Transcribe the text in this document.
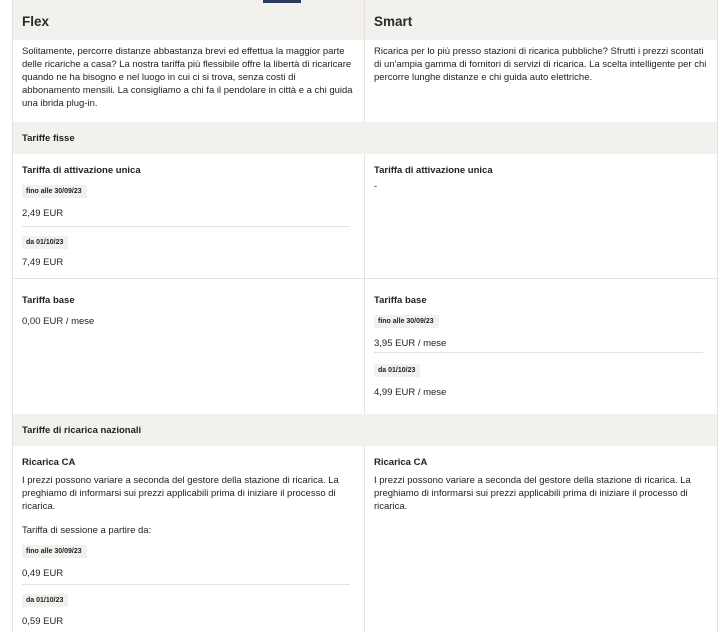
Flex	Smart
Solitamente, percorre distanze abbastanza brevi ed effettua la maggior parte delle ricariche a casa? La nostra tariffa più flessibile offre la libertà di ricaricare quando ne ha bisogno e nel luogo in cui ci si trova, senza costi di abbonamento mensili. La consigliamo a chi fa il pendolare in città e a chi guida una ibrida plug-in.
Ricarica per lo più presso stazioni di ricarica pubbliche? Sfrutti i prezzi scontati di un'ampia gamma di fornitori di servizi di ricarica. La scelta intelligente per chi percorre lunghe distanze e chi guida auto elettriche.
Tariffe fisse
Tariffa di attivazione unica
fino alle 30/09/23
2,49 EUR
da 01/10/23
7,49 EUR
Tariffa base
0,00 EUR / mese
Tariffa di attivazione unica
-
Tariffa base
fino alle 30/09/23
3,95 EUR / mese
da 01/10/23
4,99 EUR / mese
Tariffe di ricarica nazionali
Ricarica CA
I prezzi possono variare a seconda del gestore della stazione di ricarica. La preghiamo di informarsi sui prezzi applicabili prima di iniziare il processo di ricarica.
Tariffa di sessione a partire da:
fino alle 30/09/23
0,49 EUR
da 01/10/23
0,59 EUR
Ricarica CA
I prezzi possono variare a seconda del gestore della stazione di ricarica. La preghiamo di informarsi sui prezzi applicabili prima di iniziare il processo di ricarica.
